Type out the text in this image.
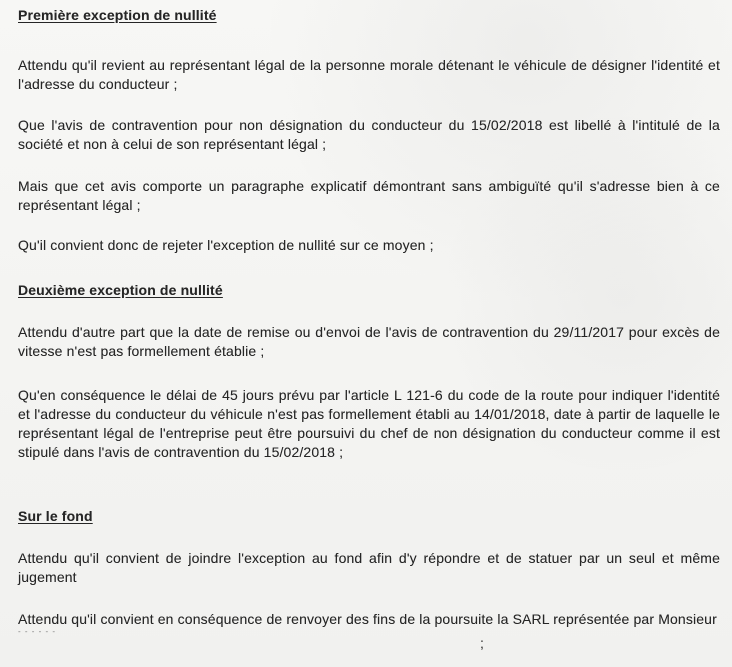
Première exception de nullité
Attendu qu'il revient au représentant légal de la personne morale détenant le véhicule de désigner l'identité et l'adresse du conducteur ;
Que l'avis de contravention pour non désignation du conducteur du 15/02/2018 est libellé à l'intitulé de la société et non à celui de son représentant légal ;
Mais que cet avis comporte un paragraphe explicatif démontrant sans ambiguïté qu'il s'adresse bien à ce représentant légal ;
Qu'il convient donc de rejeter l'exception de nullité sur ce moyen ;
Deuxième exception de nullité
Attendu d'autre part que la date de remise ou d'envoi de l'avis de contravention du 29/11/2017 pour excès de vitesse n'est pas formellement établie ;
Qu'en conséquence le délai de 45 jours prévu par l'article L 121-6 du code de la route pour indiquer l'identité et l'adresse du conducteur du véhicule n'est pas formellement établi au 14/01/2018, date à partir de laquelle le représentant légal de l'entreprise peut être poursuivi du chef de non désignation du conducteur comme il est stipulé dans l'avis de contravention du 15/02/2018 ;
Sur le fond
Attendu qu'il convient de joindre l'exception au fond afin d'y répondre et de statuer par un seul et même jugement
Attendu qu'il convient en conséquence de renvoyer des fins de la poursuite la SARL représentée par Monsieur
- - - - - -
;
